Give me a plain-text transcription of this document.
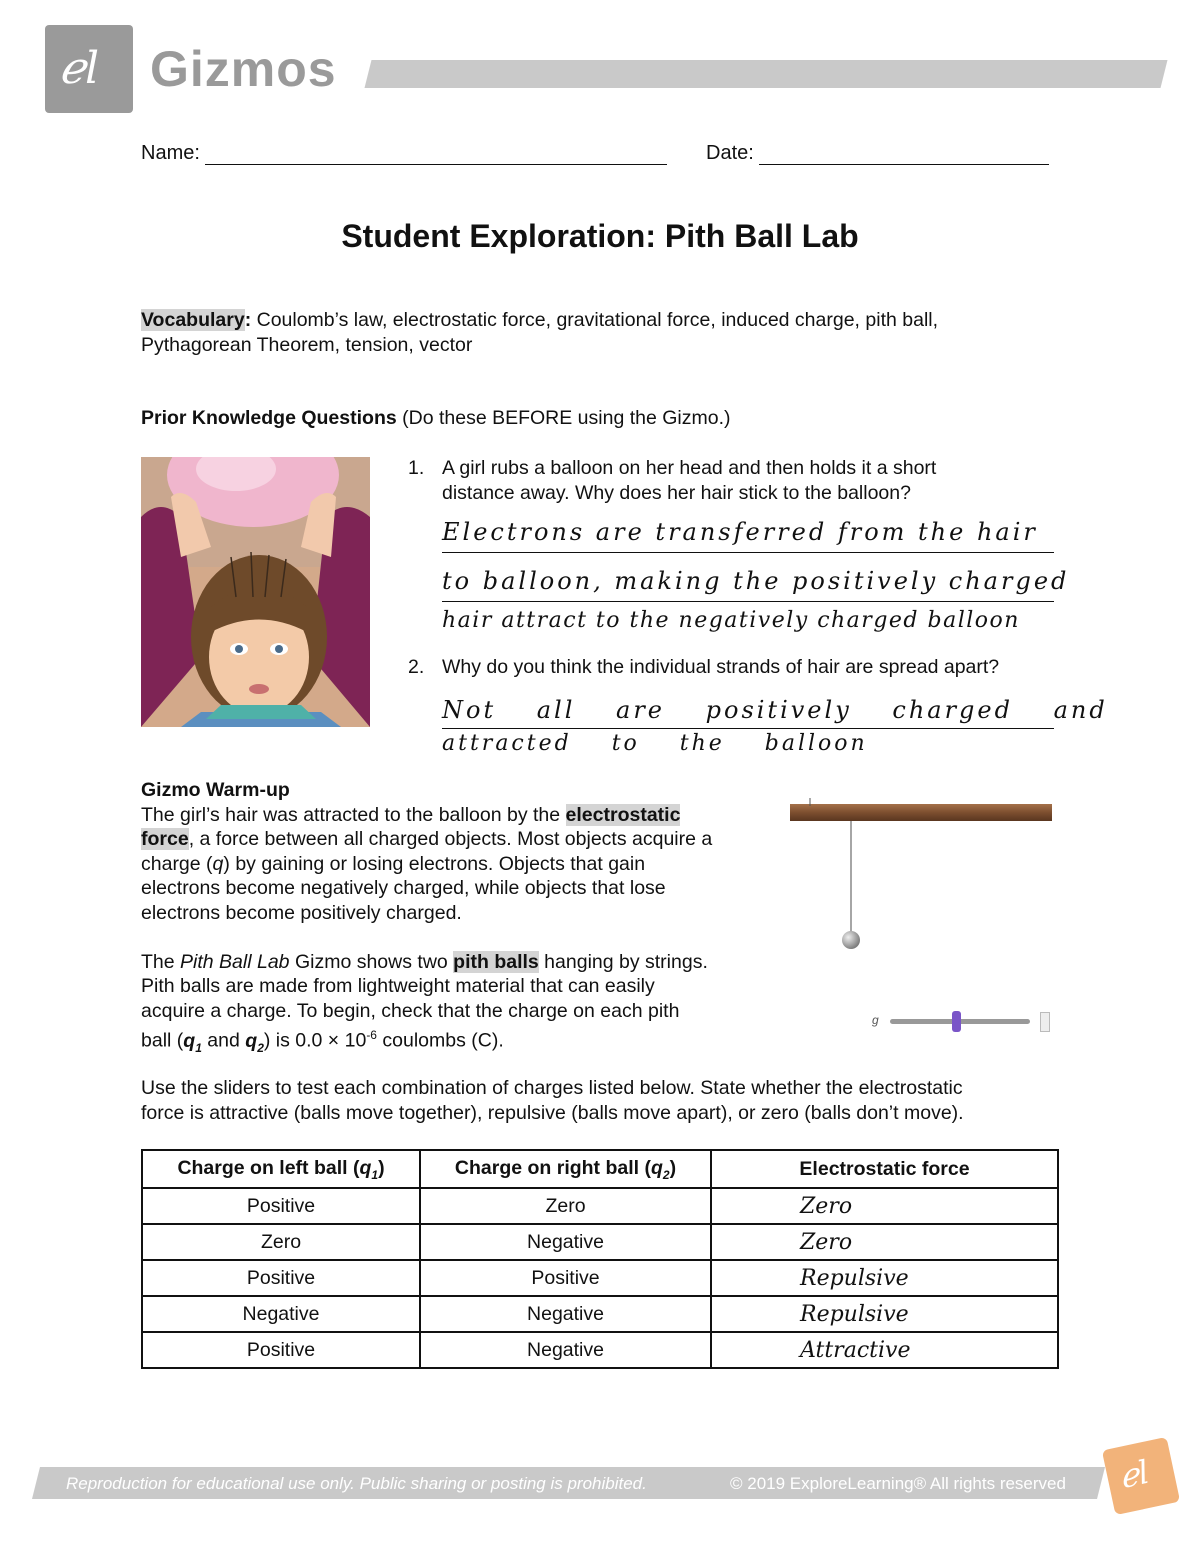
ℯl Gizmos
Name:	Date:
Student Exploration: Pith Ball Lab
Vocabulary: Coulomb’s law, electrostatic force, gravitational force, induced charge, pith ball,
Pythagorean Theorem, tension, vector
Prior Knowledge Questions (Do these BEFORE using the Gizmo.)
1. A girl rubs a balloon on her head and then holds it a short
distance away. Why does her hair stick to the balloon?
Electrons are transferred from the hair
to balloon, making the positively charged
hair attract to the negatively charged balloon
2. Why do you think the individual strands of hair are spread apart?
Not all are positively charged and
attracted to the balloon
Gizmo Warm-up
The girl’s hair was attracted to the balloon by the electrostatic
force, a force between all charged objects. Most objects acquire a
charge (q) by gaining or losing electrons. Objects that gain
electrons become negatively charged, while objects that lose
electrons become positively charged.
The Pith Ball Lab Gizmo shows two pith balls hanging by strings.
Pith balls are made from lightweight material that can easily
acquire a charge. To begin, check that the charge on each pith
ball ($q_1$ and $q_2$) is $0.0 \times 10^{-6}$ coulombs (C).
g
Use the sliders to test each combination of charges listed below. State whether the electrostatic
force is attractive (balls move together), repulsive (balls move apart), or zero (balls don’t move).
Charge on left ball $(q_1)$	Charge on right ball $(q_2)$	Electrostatic force
Positive	Zero	Zero
Zero	Negative	Zero
Positive	Positive	Repulsive
Negative	Negative	Repulsive
Positive	Negative	Attractive
Reproduction for educational use only. Public sharing or posting is prohibited.	© 2019 ExploreLearning® All rights reserved ℯl
